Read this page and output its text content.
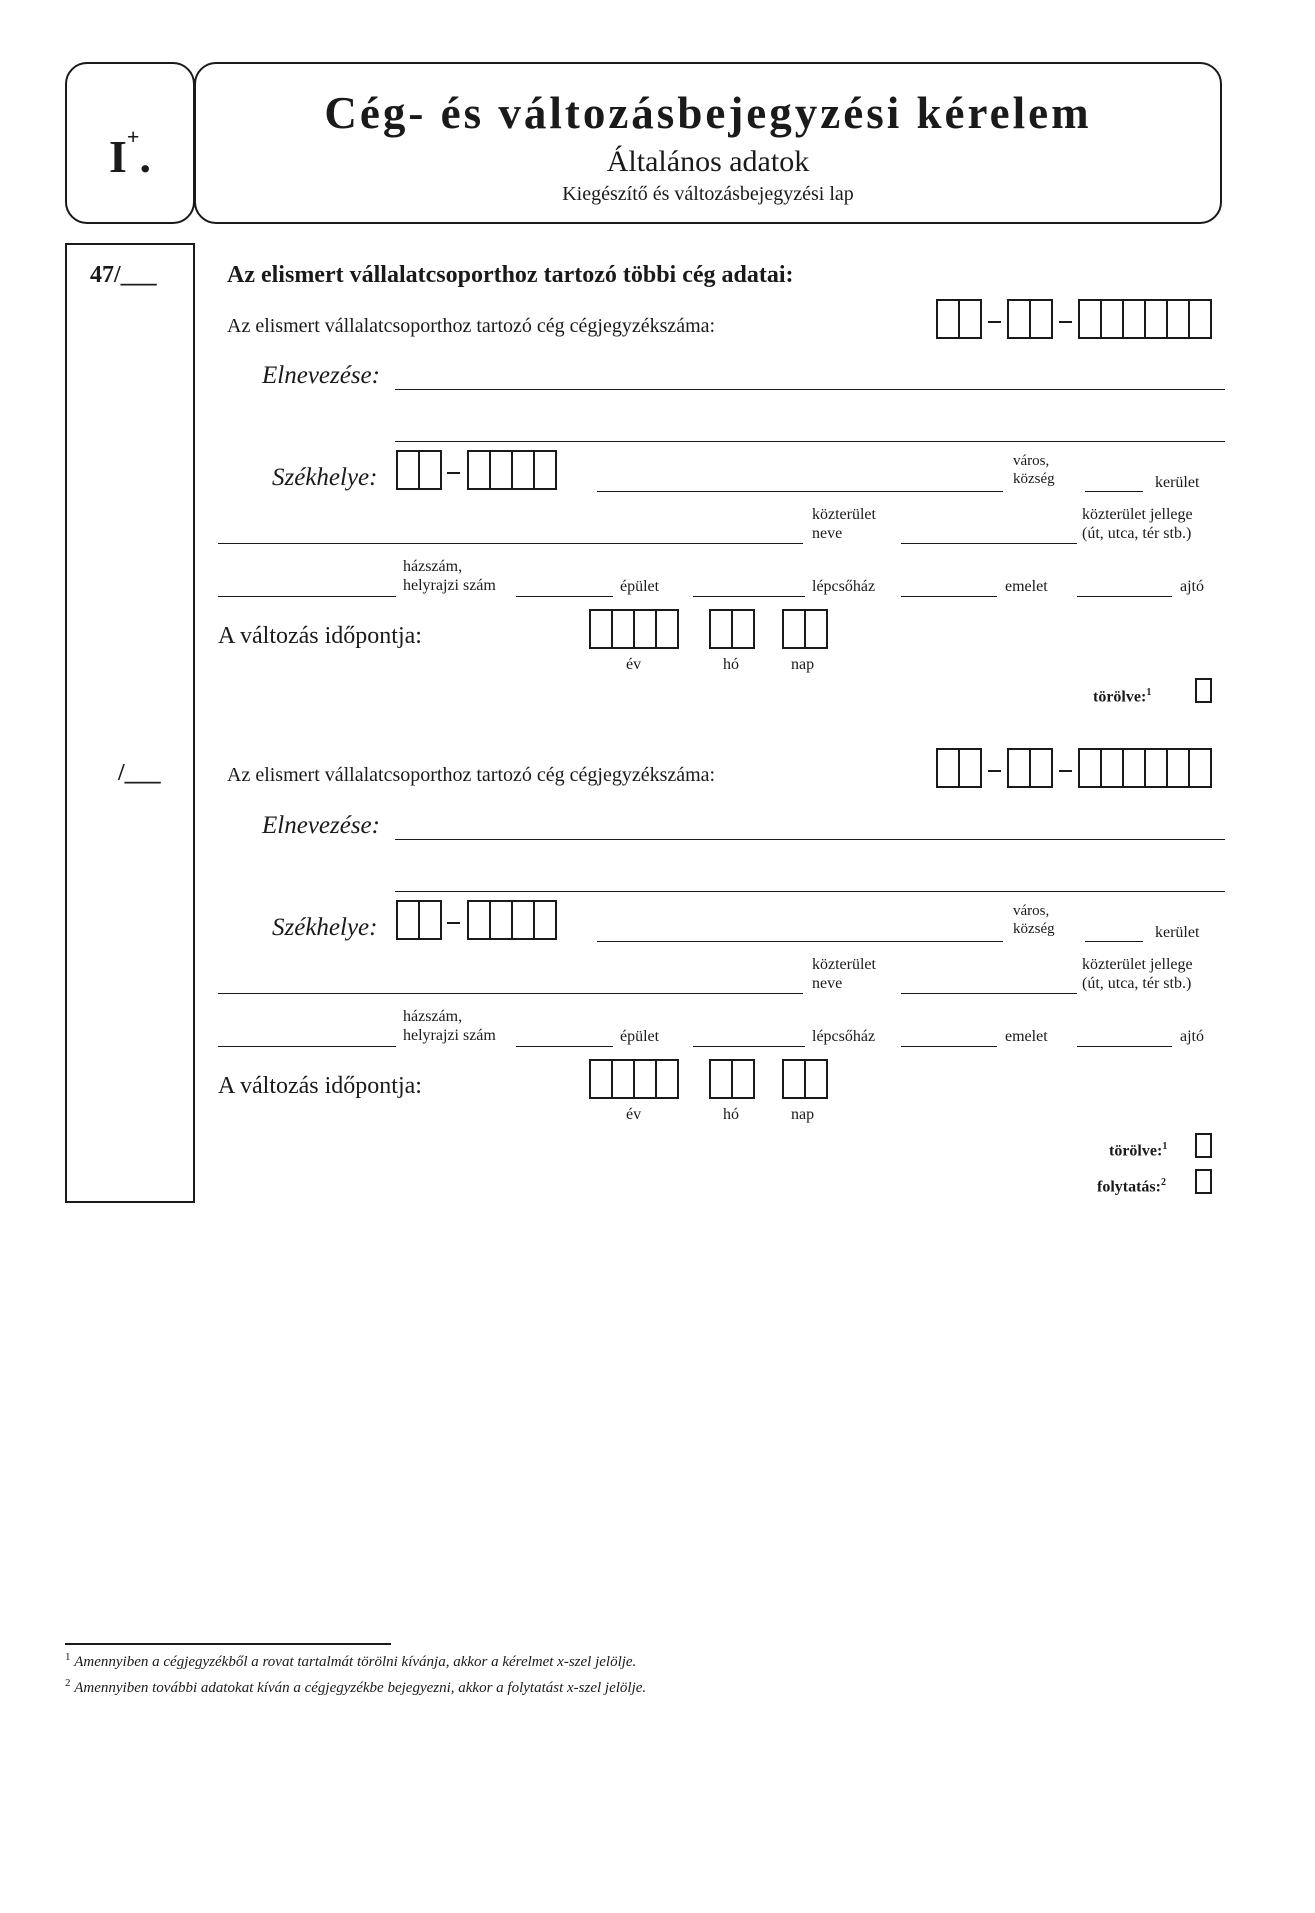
I+.
Cég- és változásbejegyzési kérelem
Általános adatok
Kiegészítő és változásbejegyzési lap
47/___
/___
Az elismert vállalatcsoporthoz tartozó többi cég adatai:
Az elismert vállalatcsoporthoz tartozó cég cégjegyzékszáma:
Elnevezése:
Székhelye:
város,
község	kerület
közterület
neve
közterület jellege
(út, utca, tér stb.)
házszám,
helyrajzi szám	épület	lépcsőház	emelet	ajtó
A változás időpontja:
év	hó	nap
törölve:$^1$
Az elismert vállalatcsoporthoz tartozó cég cégjegyzékszáma:
Elnevezése:
Székhelye:
város,
község	kerület
közterület
neve
közterület jellege
(út, utca, tér stb.)
házszám,
helyrajzi szám	épület	lépcsőház	emelet	ajtó
A változás időpontja:
év	hó	nap
törölve:$^1$
folytatás:$^2$
$^1$ Amennyiben a cégjegyzékből a rovat tartalmát törölni kívánja, akkor a kérelmet x-szel jelölje.
$^2$ Amennyiben további adatokat kíván a cégjegyzékbe bejegyezni, akkor a folytatást x-szel jelölje.
